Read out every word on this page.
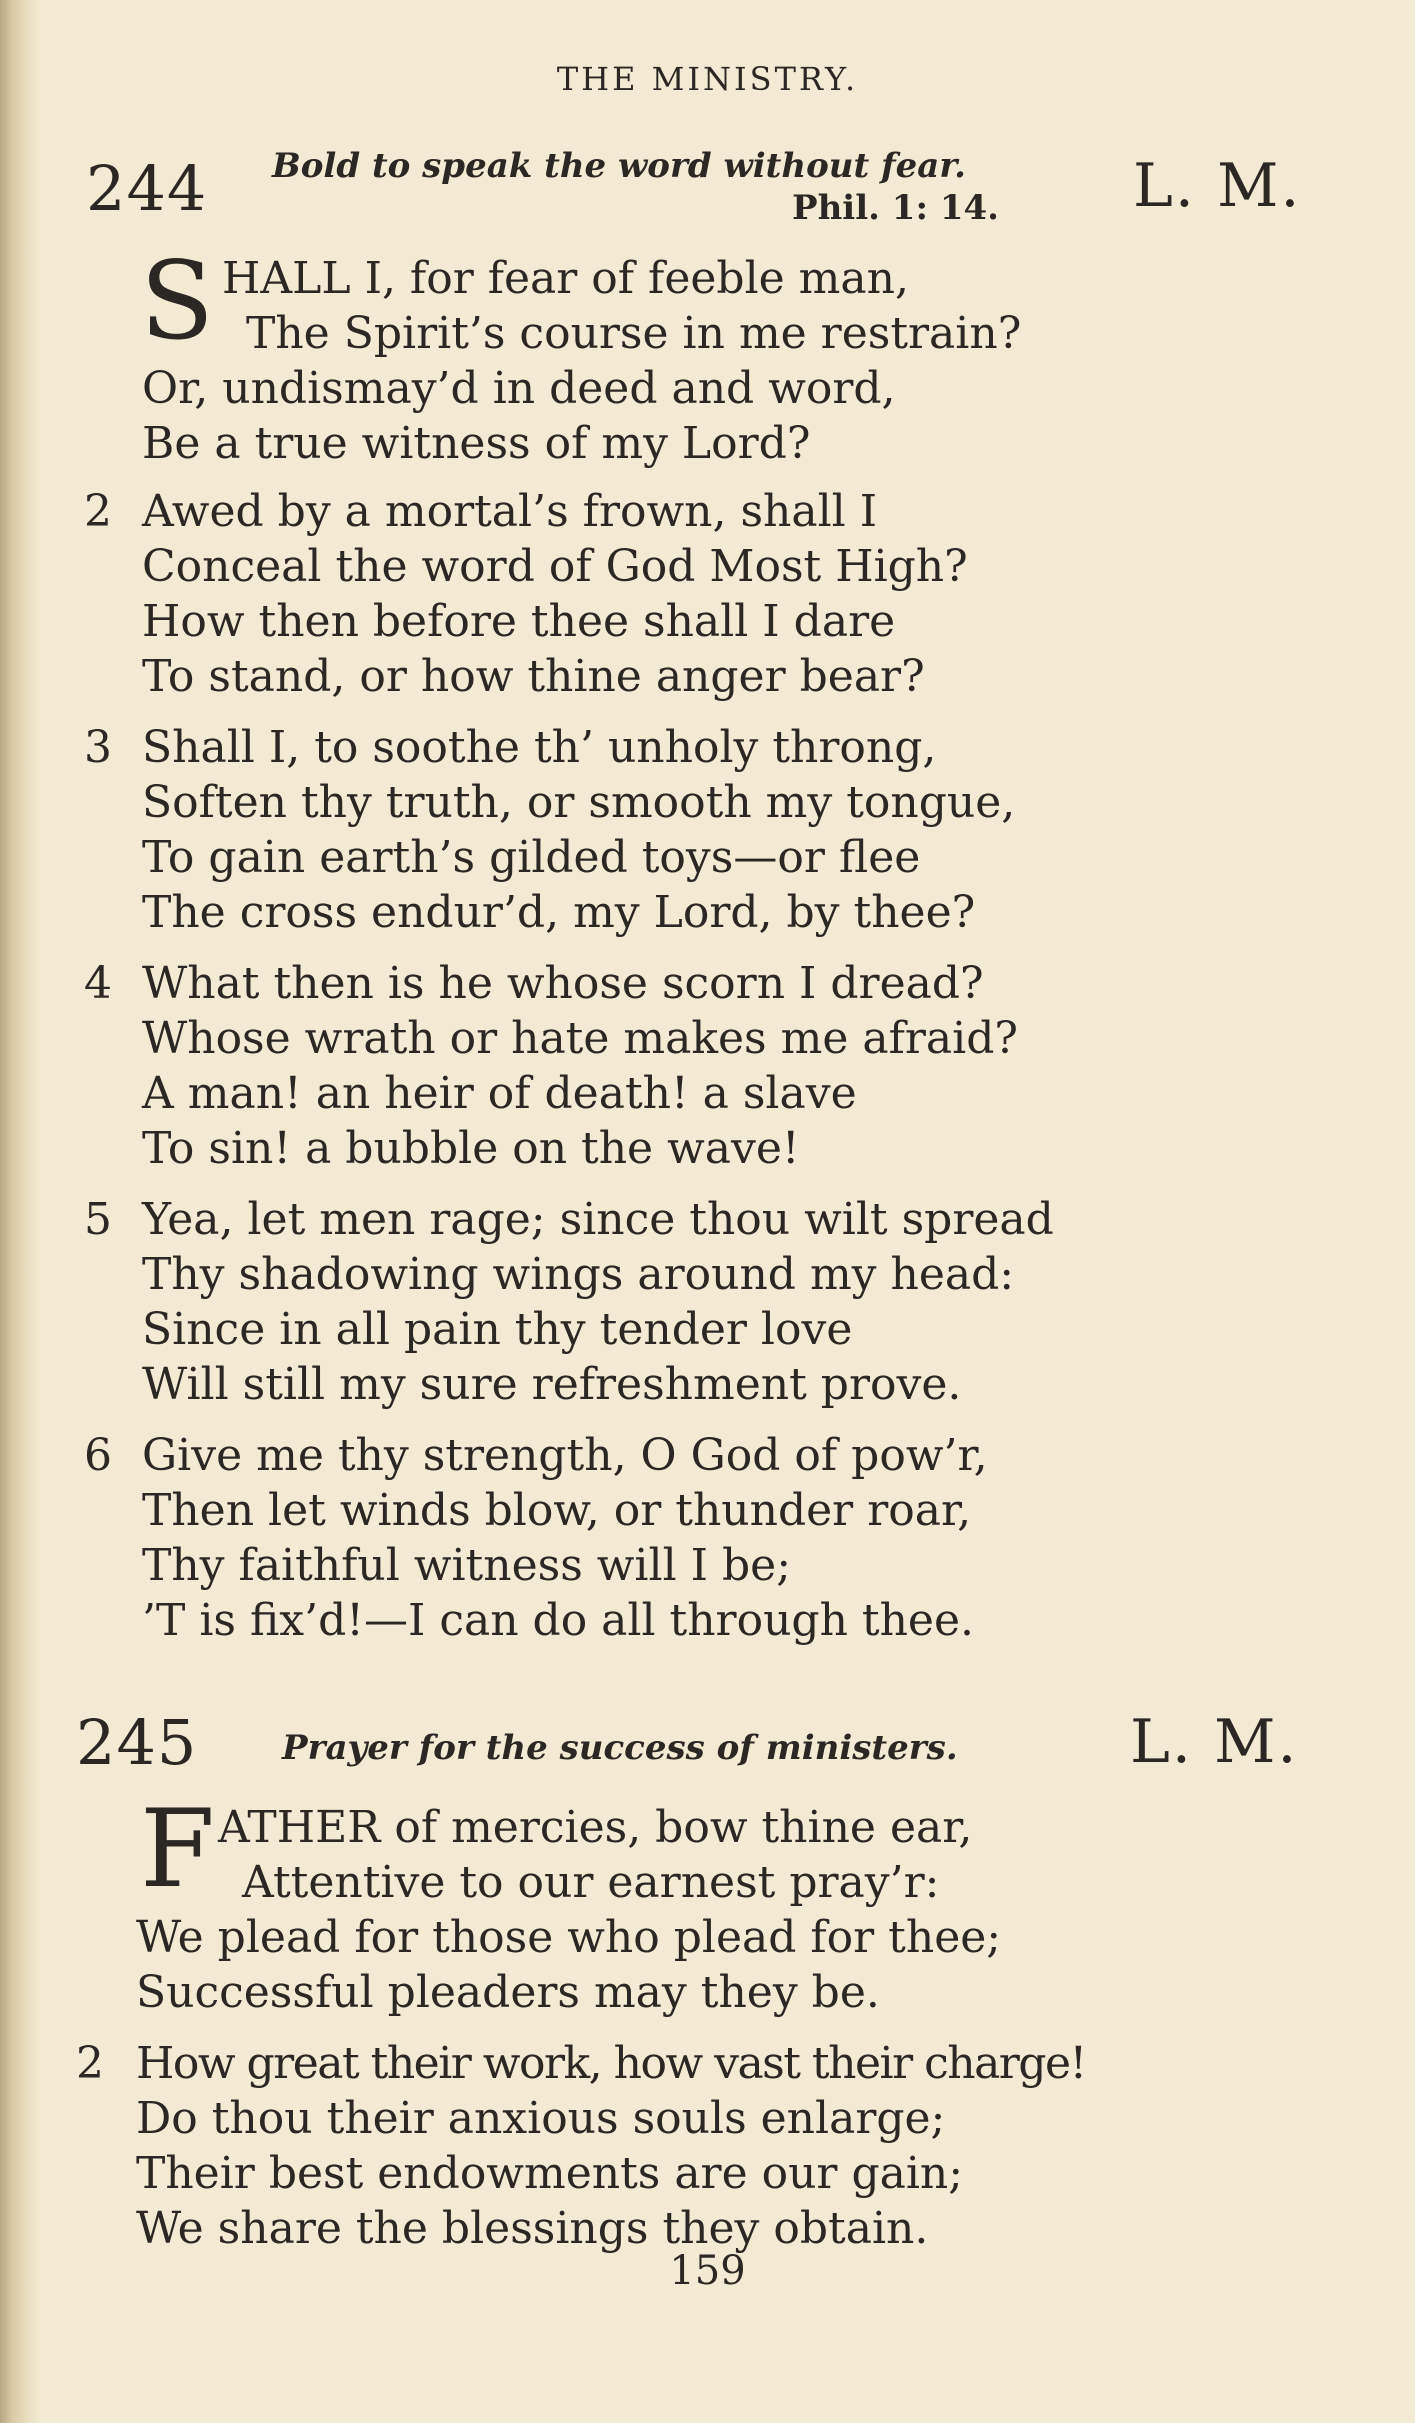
THE MINISTRY.
244 Bold to speak the word without fear.
Phil. 1: 14. L. M.
S HALL I, for fear of feeble man,
The Spirit’s course in me restrain?
Or, undismay’d in deed and word,
Be a true witness of my Lord?
2 Awed by a mortal’s frown, shall I
Conceal the word of God Most High?
How then before thee shall I dare
To stand, or how thine anger bear?
3 Shall I, to soothe th’ unholy throng,
Soften thy truth, or smooth my tongue,
To gain earth’s gilded toys—or flee
The cross endur’d, my Lord, by thee?
4 What then is he whose scorn I dread?
Whose wrath or hate makes me afraid?
A man! an heir of death! a slave
To sin! a bubble on the wave!
5 Yea, let men rage; since thou wilt spread
Thy shadowing wings around my head:
Since in all pain thy tender love
Will still my sure refreshment prove.
6 Give me thy strength, O God of pow’r,
Then let winds blow, or thunder roar,
Thy faithful witness will I be;
’T is fix’d!—I can do all through thee.
245 Prayer for the success of ministers.	L. M.
F ATHER of mercies, bow thine ear,
Attentive to our earnest pray’r:
We plead for those who plead for thee;
Successful pleaders may they be.
2 How great their work, how vast their charge!
Do thou their anxious souls enlarge;
Their best endowments are our gain;
We share the blessings they obtain.
159
